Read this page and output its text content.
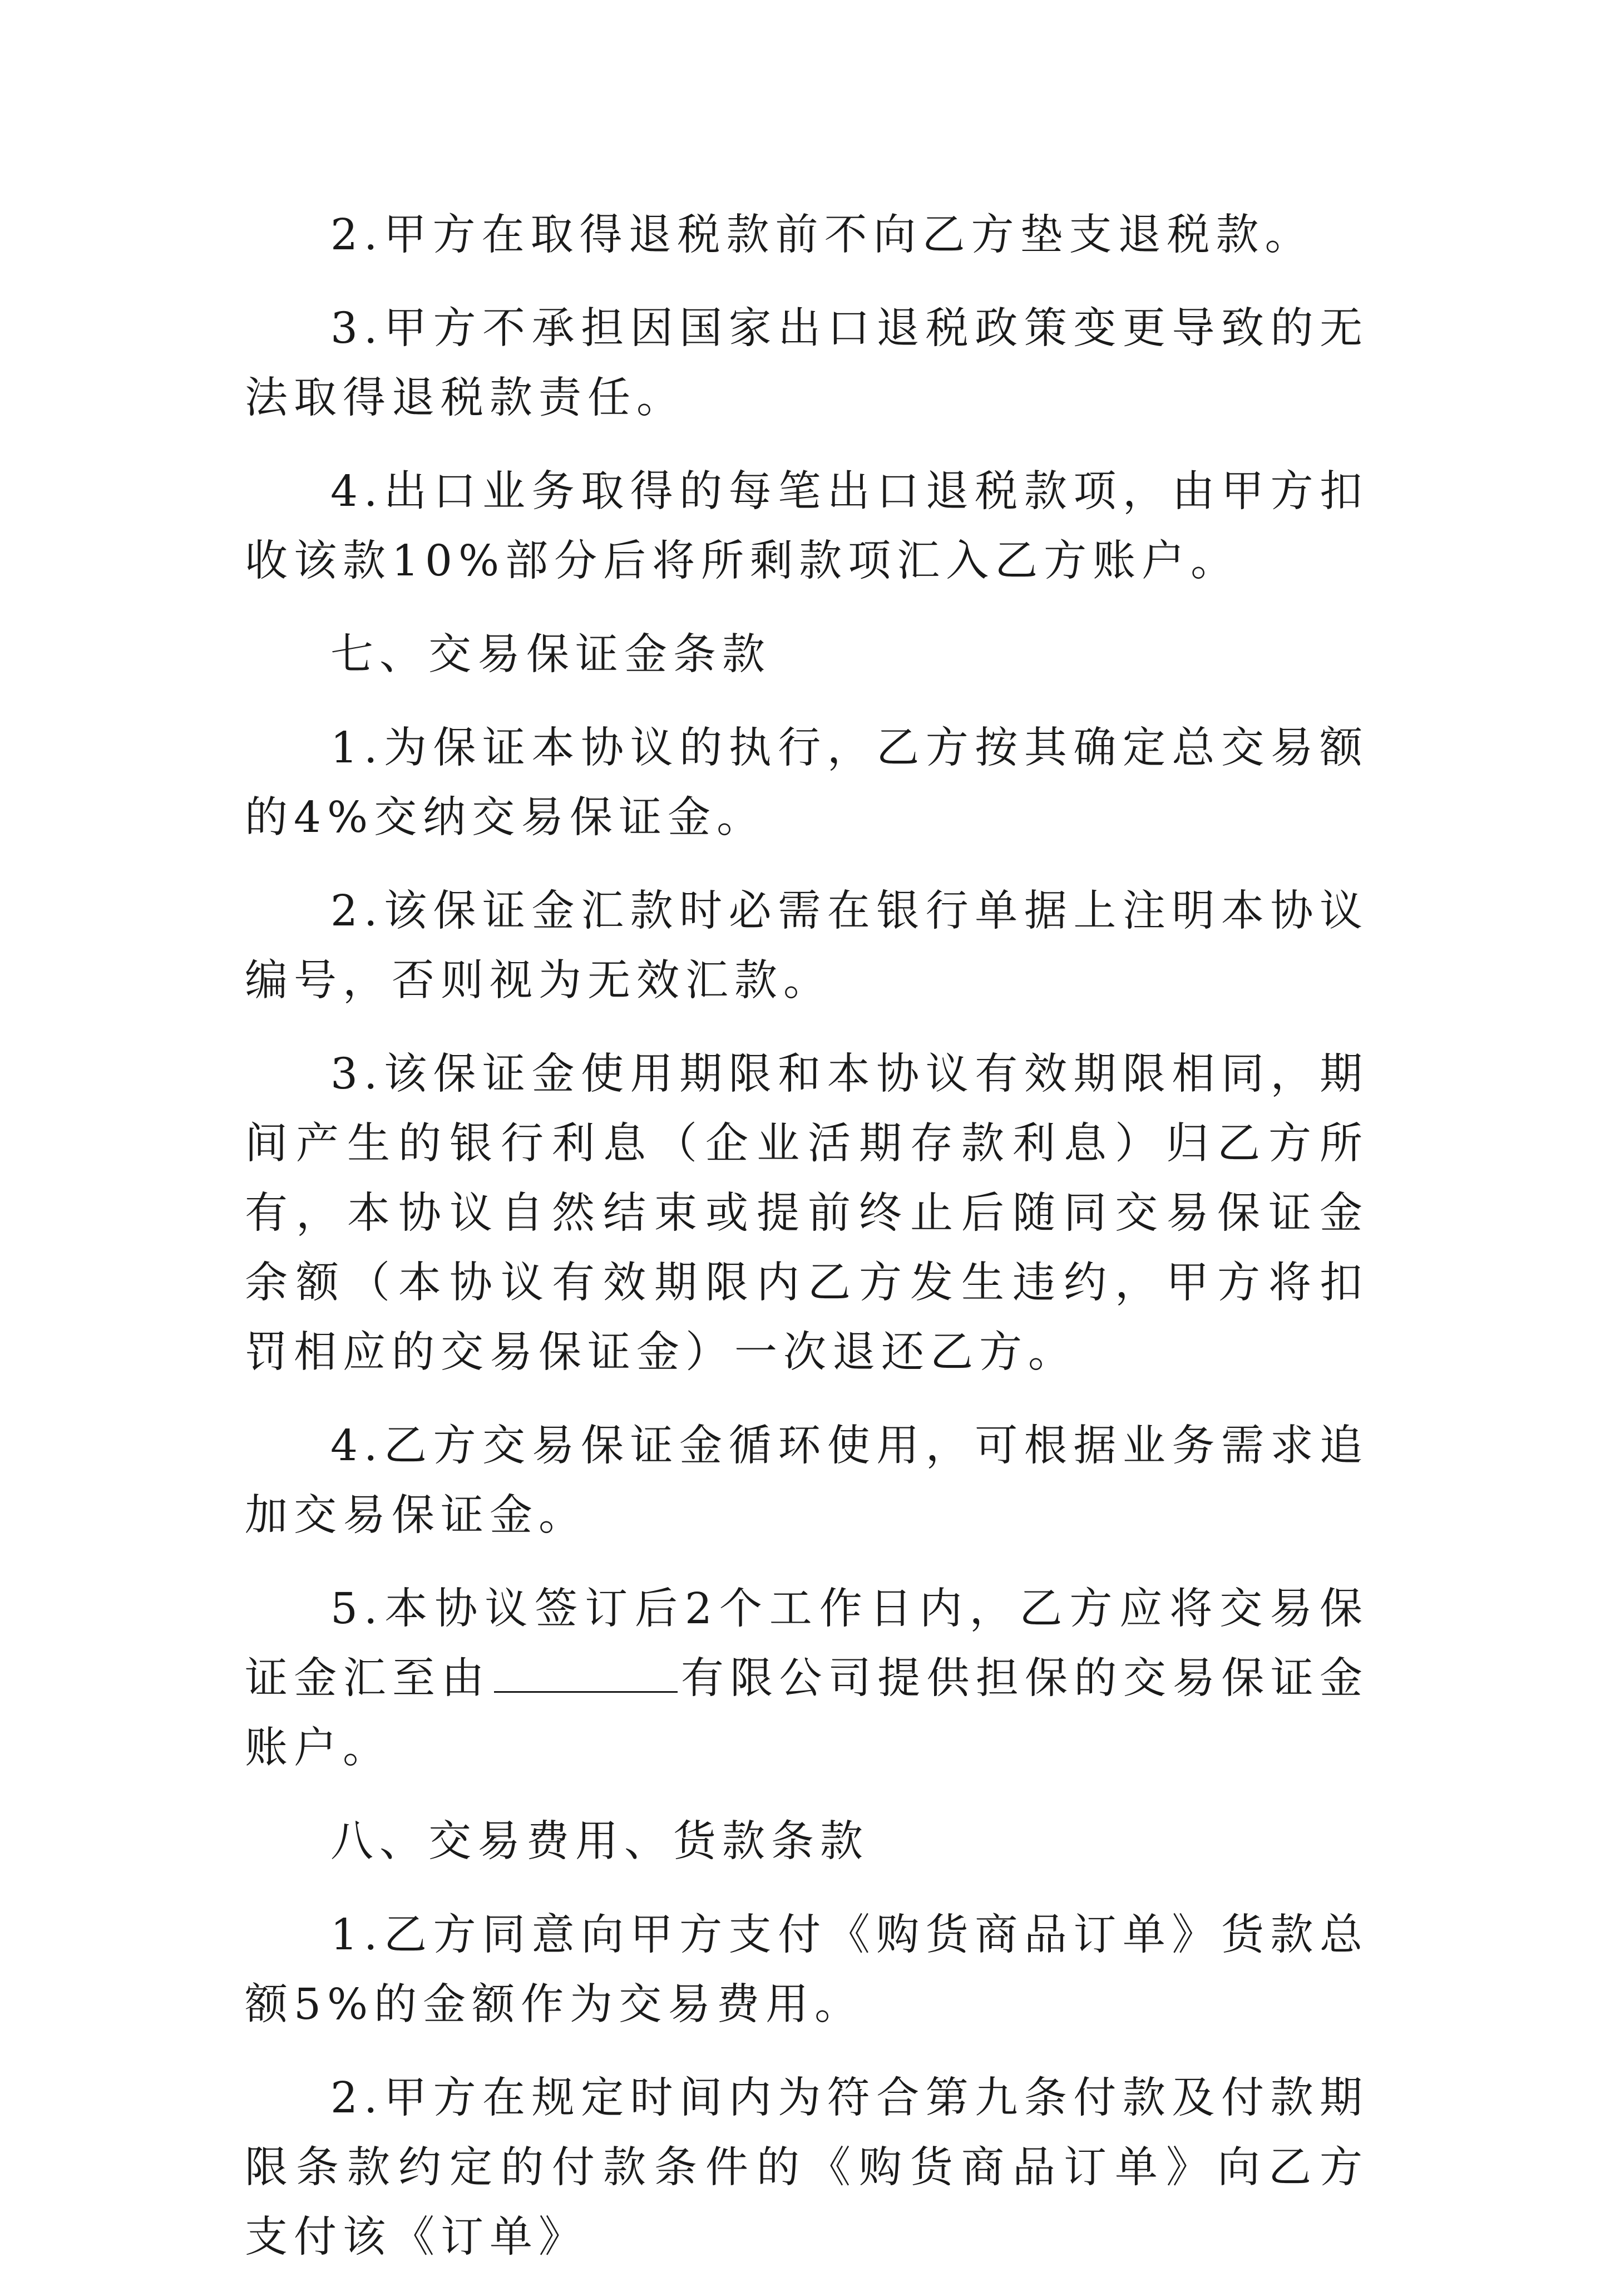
2.甲方在取得退税款前不向乙方垫支退税款。

3.甲方不承担因国家出口退税政策变更导致的无法取得退税款责任。

4.出口业务取得的每笔出口退税款项，由甲方扣收该款10%部分后将所剩款项汇入乙方账户。

七、交易保证金条款

1.为保证本协议的执行，乙方按其确定总交易额的4%交纳交易保证金。

2.该保证金汇款时必需在银行单据上注明本协议编号，否则视为无效汇款。

3.该保证金使用期限和本协议有效期限相同，期间产生的银行利息（企业活期存款利息）归乙方所有，本协议自然结束或提前终止后随同交易保证金余额（本协议有效期限内乙方发生违约，甲方将扣罚相应的交易保证金）一次退还乙方。

4.乙方交易保证金循环使用，可根据业务需求追加交易保证金。

5.本协议签订后2个工作日内，乙方应将交易保证金汇至由	有限公司提供担保的交易保证金账户。

八、交易费用、货款条款

1.乙方同意向甲方支付《购货商品订单》货款总额5%的金额作为交易费用。

2.甲方在规定时间内为符合第九条付款及付款期限条款约定的付款条件的《购货商品订单》向乙方支付该《订单》
